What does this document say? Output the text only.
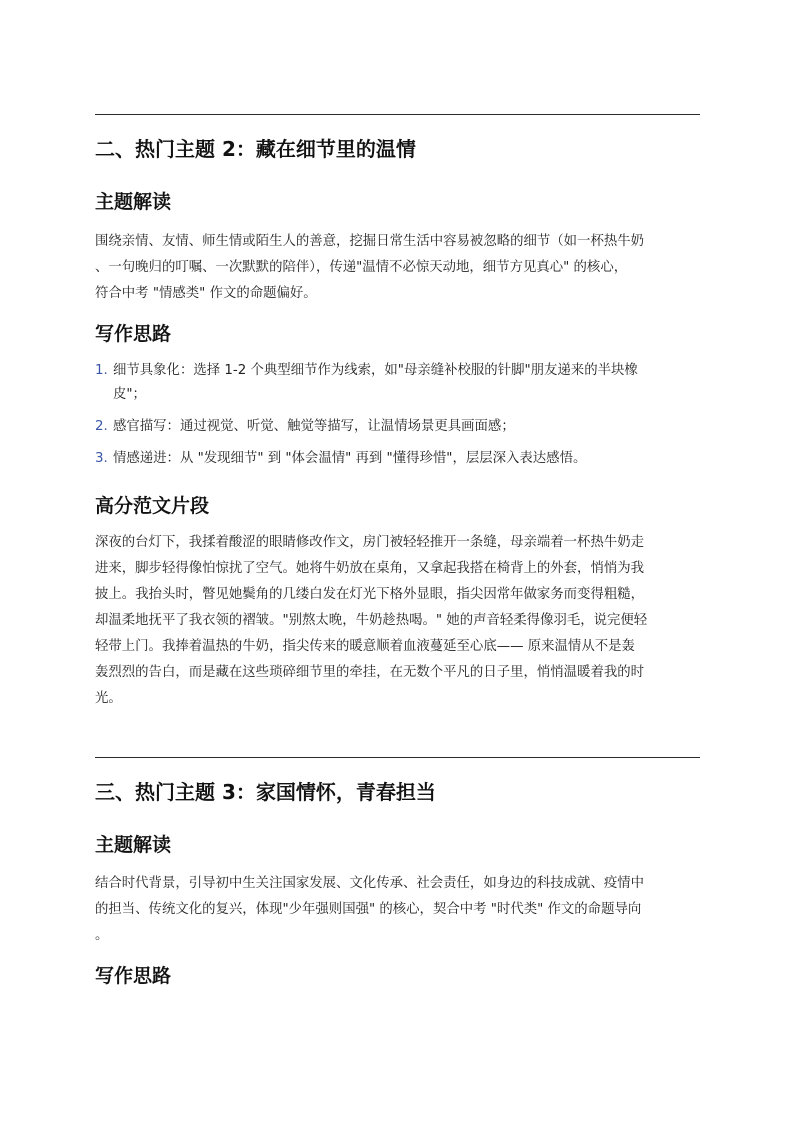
二、热门主题 2：藏在细节里的温情
主题解读
围绕亲情、友情、师生情或陌生人的善意，挖掘日常生活中容易被忽略的细节（如一杯热牛奶
、一句晚归的叮嘱、一次默默的陪伴），传递"温情不必惊天动地，细节方见真心" 的核心，
符合中考 "情感类" 作文的命题偏好。
写作思路
1. 细节具象化：选择 1-2 个典型细节作为线索，如"母亲缝补校服的针脚"朋友递来的半块橡
皮"；
2. 感官描写：通过视觉、听觉、触觉等描写，让温情场景更具画面感；
3. 情感递进：从 "发现细节" 到 "体会温情" 再到 "懂得珍惜"，层层深入表达感悟。
高分范文片段
深夜的台灯下，我揉着酸涩的眼睛修改作文，房门被轻轻推开一条缝，母亲端着一杯热牛奶走
进来，脚步轻得像怕惊扰了空气。她将牛奶放在桌角，又拿起我搭在椅背上的外套，悄悄为我
披上。我抬头时，瞥见她鬓角的几缕白发在灯光下格外显眼，指尖因常年做家务而变得粗糙，
却温柔地抚平了我衣领的褶皱。"别熬太晚，牛奶趁热喝。" 她的声音轻柔得像羽毛，说完便轻
轻带上门。我捧着温热的牛奶，指尖传来的暖意顺着血液蔓延至心底—— 原来温情从不是轰
轰烈烈的告白，而是藏在这些琐碎细节里的牵挂，在无数个平凡的日子里，悄悄温暖着我的时
光。
三、热门主题 3：家国情怀，青春担当
主题解读
结合时代背景，引导初中生关注国家发展、文化传承、社会责任，如身边的科技成就、疫情中
的担当、传统文化的复兴，体现"少年强则国强" 的核心，契合中考 "时代类" 作文的命题导向
。
写作思路
